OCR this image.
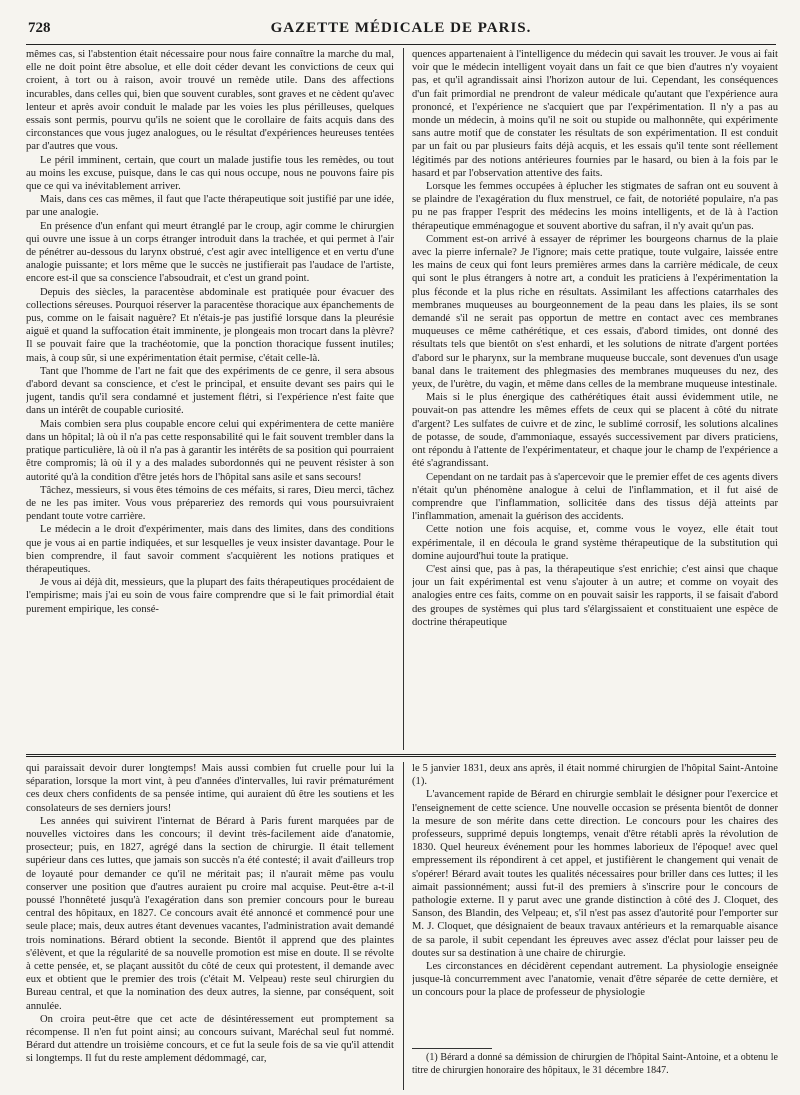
728	GAZETTE MÉDICALE DE PARIS.

mêmes cas, si l'abstention était nécessaire pour nous faire connaître la marche du mal, elle ne doit point être absolue, et elle doit céder devant les convictions de ceux qui croient, à tort ou à raison, avoir trouvé un remède utile. Dans des affections incurables, dans celles qui, bien que souvent curables, sont graves et ne cèdent qu'avec lenteur et après avoir conduit le malade par les voies les plus périlleuses, quelques essais sont permis, pourvu qu'ils ne soient que le corollaire de faits acquis dans des circonstances que vous jugez analogues, ou le résultat d'expériences heureuses tentées par d'autres que vous.

Le péril imminent, certain, que court un malade justifie tous les remèdes, ou tout au moins les excuse, puisque, dans le cas qui nous occupe, nous ne pouvons faire pis que ce qui va inévitablement arriver.

Mais, dans ces cas mêmes, il faut que l'acte thérapeutique soit justifié par une idée, par une analogie.

En présence d'un enfant qui meurt étranglé par le croup, agir comme le chirurgien qui ouvre une issue à un corps étranger introduit dans la trachée, et qui permet à l'air de pénétrer au-dessous du larynx obstrué, c'est agir avec intelligence et en vertu d'une analogie puissante; et lors même que le succès ne justifierait pas l'audace de l'artiste, encore est-il que sa conscience l'absoudrait, et c'est un grand point.

Depuis des siècles, la paracentèse abdominale est pratiquée pour évacuer des collections séreuses. Pourquoi réserver la paracentèse thoracique aux épanchements de pus, comme on le faisait naguère? Et n'étais-je pas justifié lorsque dans la pleurésie aiguë et quand la suffocation était imminente, je plongeais mon trocart dans la plèvre? Il se pouvait faire que la trachéotomie, que la ponction thoracique fussent inutiles; mais, à coup sûr, si une expérimentation était permise, c'était celle-là.

Tant que l'homme de l'art ne fait que des expériments de ce genre, il sera absous d'abord devant sa conscience, et c'est le principal, et ensuite devant ses pairs qui le jugent, tandis qu'il sera condamné et justement flétri, si l'expérience n'est faite que dans un intérêt de coupable curiosité.

Mais combien sera plus coupable encore celui qui expérimentera de cette manière dans un hôpital; là où il n'a pas cette responsabilité qui le fait souvent trembler dans la pratique particulière, là où il n'a pas à garantir les intérêts de sa position qui pourraient être compromis; là où il y a des malades subordonnés qui ne peuvent résister à son autorité qu'à la condition d'être jetés hors de l'hôpital sans asile et sans secours!

Tâchez, messieurs, si vous êtes témoins de ces méfaits, si rares, Dieu merci, tâchez de ne les pas imiter. Vous vous prépareriez des remords qui vous poursuivraient pendant toute votre carrière.

Le médecin a le droit d'expérimenter, mais dans des limites, dans des conditions que je vous ai en partie indiquées, et sur lesquelles je veux insister davantage. Pour le bien comprendre, il faut savoir comment s'acquièrent les notions pratiques et thérapeutiques.

Je vous ai déjà dit, messieurs, que la plupart des faits thérapeutiques procédaient de l'empirisme; mais j'ai eu soin de vous faire comprendre que si le fait primordial était purement empirique, les consé-

quences appartenaient à l'intelligence du médecin qui savait les trouver. Je vous ai fait voir que le médecin intelligent voyait dans un fait ce que bien d'autres n'y voyaient pas, et qu'il agrandissait ainsi l'horizon autour de lui. Cependant, les conséquences d'un fait primordial ne prendront de valeur médicale qu'autant que l'expérience aura prononcé, et l'expérience ne s'acquiert que par l'expérimentation. Il n'y a pas au monde un médecin, à moins qu'il ne soit ou stupide ou malhonnête, qui expérimente sans autre motif que de constater les résultats de son expérimentation. Il est conduit par un fait ou par plusieurs faits déjà acquis, et les essais qu'il tente sont réellement légitimés par des notions antérieures fournies par le hasard, ou bien à la fois par le hasard et par l'observation attentive des faits.

Lorsque les femmes occupées à éplucher les stigmates de safran ont eu souvent à se plaindre de l'exagération du flux menstruel, ce fait, de notoriété populaire, n'a pas pu ne pas frapper l'esprit des médecins les moins intelligents, et de là à l'action thérapeutique emménagogue et souvent abortive du safran, il n'y avait qu'un pas.

Comment est-on arrivé à essayer de réprimer les bourgeons charnus de la plaie avec la pierre infernale? Je l'ignore; mais cette pratique, toute vulgaire, laissée entre les mains de ceux qui font leurs premières armes dans la carrière médicale, de ceux qui sont le plus étrangers à notre art, a conduit les praticiens à l'expérimentation la plus féconde et la plus riche en résultats. Assimilant les affections catarrhales des membranes muqueuses au bourgeonnement de la peau dans les plaies, ils se sont demandé s'il ne serait pas opportun de mettre en contact avec ces membranes muqueuses ce même cathérétique, et ces essais, d'abord timides, ont donné des résultats tels que bientôt on s'est enhardi, et les solutions de nitrate d'argent portées d'abord sur le pharynx, sur la membrane muqueuse buccale, sont devenues d'un usage banal dans le traitement des phlegmasies des membranes muqueuses du nez, des yeux, de l'urètre, du vagin, et même dans celles de la membrane muqueuse intestinale.

Mais si le plus énergique des cathérétiques était aussi évidemment utile, ne pouvait-on pas attendre les mêmes effets de ceux qui se placent à côté du nitrate d'argent? Les sulfates de cuivre et de zinc, le sublimé corrosif, les solutions alcalines de potasse, de soude, d'ammoniaque, essayés successivement par divers praticiens, ont répondu à l'attente de l'expérimentateur, et chaque jour le champ de l'expérience a été s'agrandissant.

Cependant on ne tardait pas à s'apercevoir que le premier effet de ces agents divers n'était qu'un phénomène analogue à celui de l'inflammation, et il fut aisé de comprendre que l'inflammation, sollicitée dans des tissus déjà atteints par l'inflammation, amenait la guérison des accidents.

Cette notion une fois acquise, et, comme vous le voyez, elle était tout expérimentale, il en découla le grand système thérapeutique de la substitution qui domine aujourd'hui toute la pratique.

C'est ainsi que, pas à pas, la thérapeutique s'est enrichie; c'est ainsi que chaque jour un fait expérimental est venu s'ajouter à un autre; et comme on voyait des analogies entre ces faits, comme on en pouvait saisir les rapports, il se faisait d'abord des groupes de systèmes qui plus tard s'élargissaient et constituaient une espèce de doctrine thérapeutique

qui paraissait devoir durer longtemps! Mais aussi combien fut cruelle pour lui la séparation, lorsque la mort vint, à peu d'années d'intervalles, lui ravir prématurément ces deux chers confidents de sa pensée intime, qui auraient dû être les soutiens et les consolateurs de ses derniers jours!

Les années qui suivirent l'internat de Bérard à Paris furent marquées par de nouvelles victoires dans les concours; il devint très-facilement aide d'anatomie, prosecteur; puis, en 1827, agrégé dans la section de chirurgie. Il était tellement supérieur dans ces luttes, que jamais son succès n'a été contesté; il avait d'ailleurs trop de loyauté pour demander ce qu'il ne méritait pas; il n'aurait même pas voulu conserver une position que d'autres auraient pu croire mal acquise. Peut-être a-t-il poussé l'honnêteté jusqu'à l'exagération dans son premier concours pour le bureau central des hôpitaux, en 1827. Ce concours avait été annoncé et commencé pour une seule place; mais, deux autres étant devenues vacantes, l'administration avait demandé trois nominations. Bérard obtient la seconde. Bientôt il apprend que des plaintes s'élèvent, et que la régularité de sa nouvelle promotion est mise en doute. Il se révolte à cette pensée, et, se plaçant aussitôt du côté de ceux qui protestent, il demande avec eux et obtient que le premier des trois (c'était M. Velpeau) reste seul chirurgien du Bureau central, et que la nomination des deux autres, la sienne, par conséquent, soit annulée.

On croira peut-être que cet acte de désintéressement eut promptement sa récompense. Il n'en fut point ainsi; au concours suivant, Maréchal seul fut nommé. Bérard dut attendre un troisième concours, et ce fut la seule fois de sa vie qu'il attendit si longtemps. Il fut du reste amplement dédommagé, car,

le 5 janvier 1831, deux ans après, il était nommé chirurgien de l'hôpital Saint-Antoine (1).

L'avancement rapide de Bérard en chirurgie semblait le désigner pour l'exercice et l'enseignement de cette science. Une nouvelle occasion se présenta bientôt de donner la mesure de son mérite dans cette direction. Le concours pour les chaires des professeurs, supprimé depuis longtemps, venait d'être rétabli après la révolution de 1830. Quel heureux événement pour les hommes laborieux de l'époque! avec quel empressement ils répondirent à cet appel, et justifièrent le changement qui venait de s'opérer! Bérard avait toutes les qualités nécessaires pour briller dans ces luttes; il les aimait passionnément; aussi fut-il des premiers à s'inscrire pour le concours de pathologie externe. Il y parut avec une grande distinction à côté des J. Cloquet, des Sanson, des Blandin, des Velpeau; et, s'il n'est pas assez d'autorité pour l'emporter sur M. J. Cloquet, que désignaient de beaux travaux antérieurs et la remarquable aisance de sa parole, il subit cependant les épreuves avec assez d'éclat pour laisser peu de doutes sur sa destination à une chaire de chirurgie.

Les circonstances en décidèrent cependant autrement. La physiologie enseignée jusque-là concurremment avec l'anatomie, venait d'être séparée de cette dernière, et un concours pour la place de professeur de physiologie

(1) Bérard a donné sa démission de chirurgien de l'hôpital Saint-Antoine, et a obtenu le titre de chirurgien honoraire des hôpitaux, le 31 décembre 1847.
